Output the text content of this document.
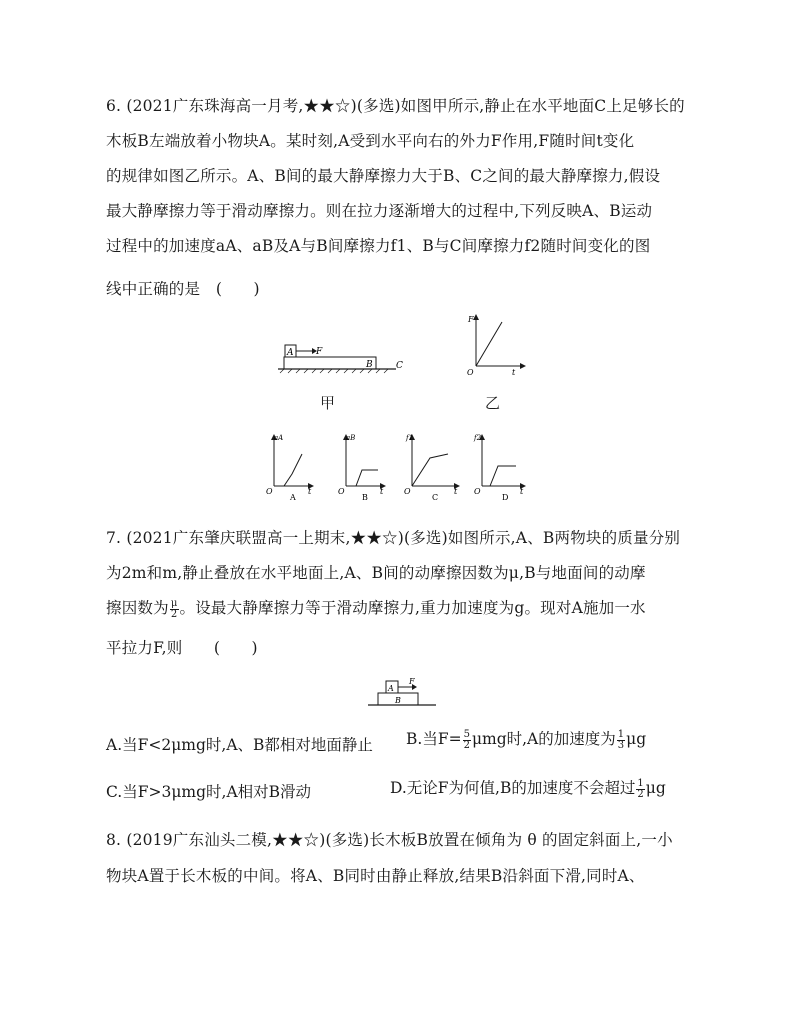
6. (2021广东珠海高一月考,★★☆)(多选)如图甲所示,静止在水平地面C上足够长的
木板B左端放着小物块A。某时刻,A受到水平向右的外力F作用,F随时间t变化
的规律如图乙所示。A、B间的最大静摩擦力大于B、C之间的最大静摩擦力,假设
最大静摩擦力等于滑动摩擦力。则在拉力逐渐增大的过程中,下列反映A、B运动
过程中的加速度aA、aB及A与B间摩擦力f1、B与C间摩擦力f2随时间变化的图
线中正确的是　(　　)
A	F
B	C
甲
F
O	t
乙
aA
O	t
A
aB
O	t
B
f1
O	t
C
f2
O	t
D
7. (2021广东肇庆联盟高一上期末,★★☆)(多选)如图所示,A、B两物块的质量分别
为2m和m,静止叠放在水平地面上,A、B间的动摩擦因数为μ,B与地面间的动摩
擦因数为 $\frac{\mu}{2}$ 。设最大静摩擦力等于滑动摩擦力,重力加速度为g。现对A施加一水
平拉力F,则　　(　　)
A
F
B
A.当F<2μmg时,A、B都相对地面静止 B.当$F= \frac{5}{2}$ μmg时,A的加速度为 $\frac{1}{3}$ μg
C.当F>3μmg时,A相对B滑动	D.无论F为何值,B的加速度不会超过 $\frac{1}{2}$ μg
8. (2019广东汕头二模,★★☆)(多选)长木板B放置在倾角为 θ 的固定斜面上,一小
物块A置于长木板的中间。将A、B同时由静止释放,结果B沿斜面下滑,同时A、
